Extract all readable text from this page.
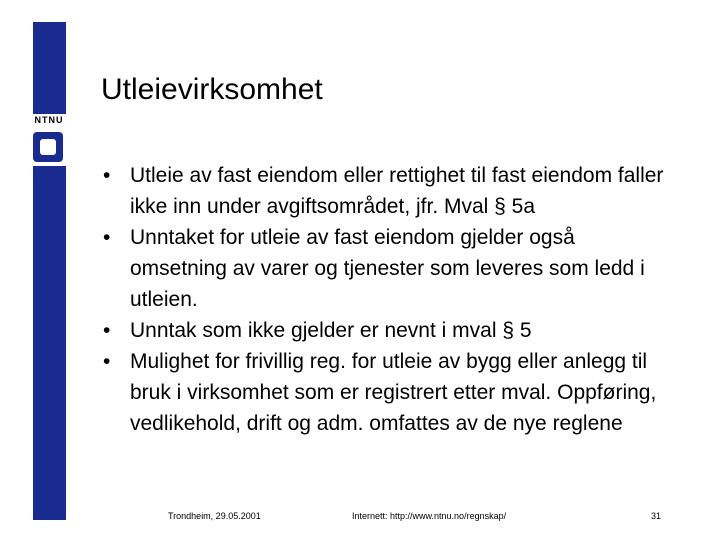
NTNU
Utleievirksomhet
• Utleie av fast eiendom eller rettighet til fast eiendom faller ikke inn under avgiftsområdet, jfr. Mval § 5a
• Unntaket for utleie av fast eiendom gjelder også omsetning av varer og tjenester som leveres som ledd i utleien.
• Unntak som ikke gjelder er nevnt i mval § 5
• Mulighet for frivillig reg. for utleie av bygg eller anlegg til bruk i virksomhet som er registrert etter mval. Oppføring, vedlikehold, drift og adm. omfattes av de nye reglene
Trondheim, 29.05.2001	Internett: http://www.ntnu.no/regnskap/	31
